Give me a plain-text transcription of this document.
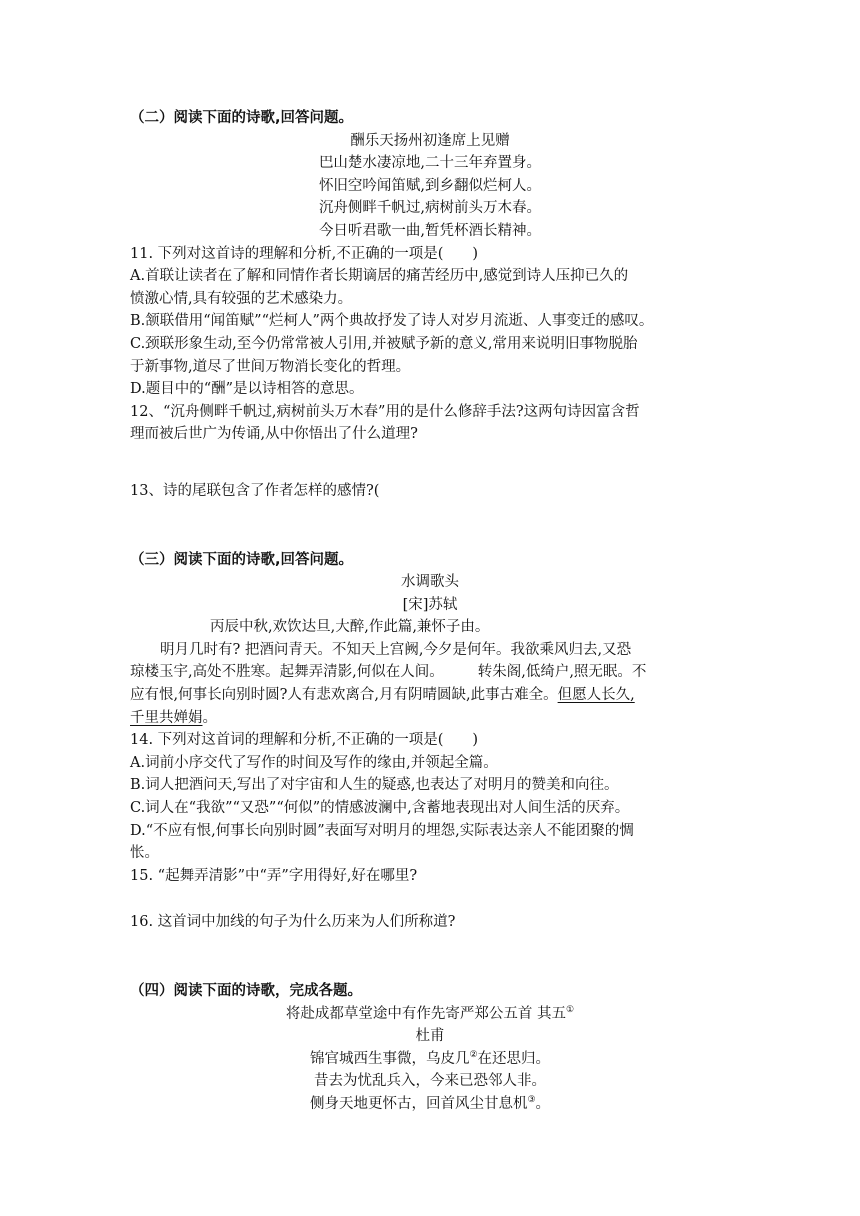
（二）阅读下面的诗歌,回答问题。
酬乐天扬州初逢席上见赠
巴山楚水凄凉地,二十三年弃置身。
怀旧空吟闻笛赋,到乡翻似烂柯人。
沉舟侧畔千帆过,病树前头万木春。
今日听君歌一曲,暂凭杯酒长精神。
11. 下列对这首诗的理解和分析,不正确的一项是(　　)
A.首联让读者在了解和同情作者长期谪居的痛苦经历中,感觉到诗人压抑已久的
愤激心情,具有较强的艺术感染力。
B.颔联借用“闻笛赋”“烂柯人”两个典故抒发了诗人对岁月流逝、人事变迁的感叹。
C.颈联形象生动,至今仍常常被人引用,并被赋予新的意义,常用来说明旧事物脱胎
于新事物,道尽了世间万物消长变化的哲理。
D.题目中的“酬”是以诗相答的意思。
12、“沉舟侧畔千帆过,病树前头万木春”用的是什么修辞手法?这两句诗因富含哲
理而被后世广为传诵,从中你悟出了什么道理?
13、诗的尾联包含了作者怎样的感情?(
（三）阅读下面的诗歌,回答问题。
水调歌头
[宋]苏轼
丙辰中秋,欢饮达旦,大醉,作此篇,兼怀子由。
明月几时有? 把酒问青天。不知天上宫阙,今夕是何年。我欲乘风归去,又恐
琼楼玉宇,高处不胜寒。起舞弄清影,何似在人间。 转朱阁,低绮户,照无眠。不
应有恨,何事长向别时圆?人有悲欢离合,月有阴晴圆缺,此事古难全。但愿人长久,
千里共婵娟。
14. 下列对这首词的理解和分析,不正确的一项是(　　)
A.词前小序交代了写作的时间及写作的缘由,并领起全篇。
B.词人把酒问天,写出了对宇宙和人生的疑惑,也表达了对明月的赞美和向往。
C.词人在“我欲”“又恐”“何似”的情感波澜中,含蓄地表现出对人间生活的厌弃。
D.“不应有恨,何事长向别时圆”表面写对明月的埋怨,实际表达亲人不能团聚的惆
怅。
15. “起舞弄清影”中“弄”字用得好,好在哪里?
16. 这首词中加线的句子为什么历来为人们所称道?
（四）阅读下面的诗歌，完成各题。
将赴成都草堂途中有作先寄严郑公五首 其五①
杜甫
锦官城西生事微，乌皮几②在还思归。
昔去为忧乱兵入，今来已恐邻人非。
侧身天地更怀古，回首风尘甘息机③。
